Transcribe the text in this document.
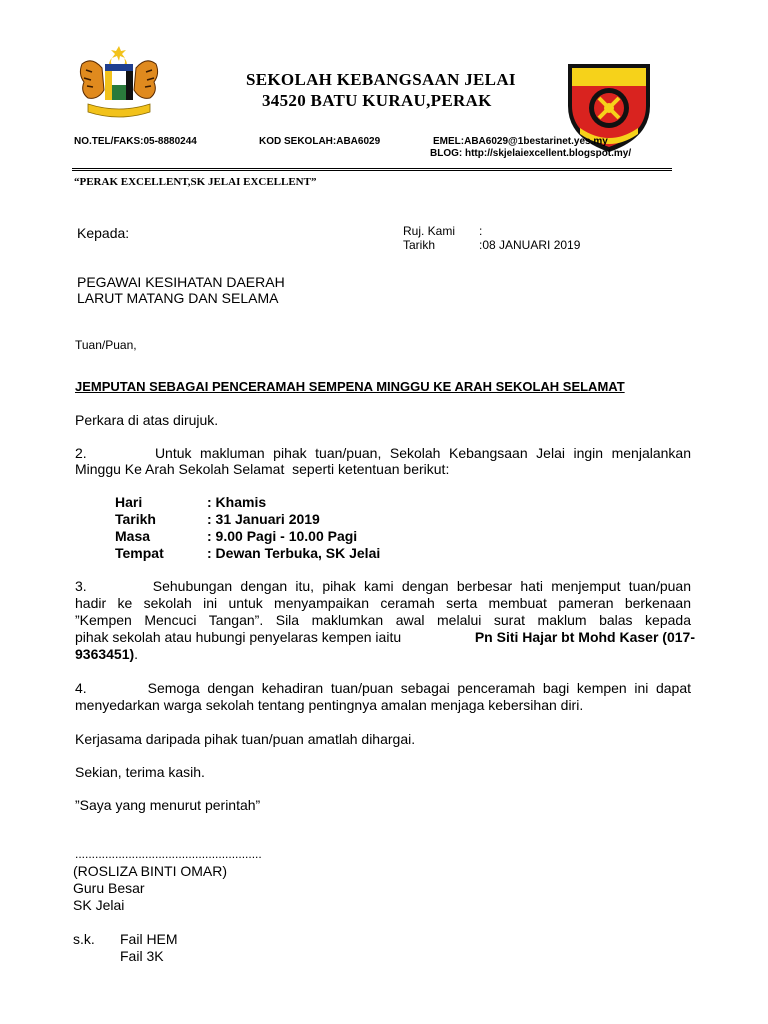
SEKOLAH KEBANGSAAN JELAI
34520 BATU KURAU,PERAK
NO.TEL/FAKS:05-8880244	KOD SEKOLAH:ABA6029	EMEL:ABA6029@1bestarinet.yes.my
BLOG: http://skjelaiexcellent.blogspot.my/
“PERAK EXCELLENT,SK JELAI EXCELLENT”
Kepada:	Ruj. Kami :
Tarikh	:08 JANUARI 2019
PEGAWAI KESIHATAN DAERAH
LARUT MATANG DAN SELAMA
Tuan/Puan,
JEMPUTAN SEBAGAI PENCERAMAH SEMPENA MINGGU KE ARAH SEKOLAH SELAMAT
Perkara di atas dirujuk.
2.        Untuk makluman pihak tuan/puan, Sekolah Kebangsaan Jelai ingin menjalankan
Minggu Ke Arah Sekolah Selamat  seperti ketentuan berikut:
Hari	: Khamis
Tarikh	: 31 Januari 2019
Masa	: 9.00 Pagi - 10.00 Pagi
Tempat	: Dewan Terbuka, SK Jelai
3.        Sehubungan dengan itu, pihak kami dengan berbesar hati menjemput tuan/puan
hadir ke sekolah ini untuk menyampaikan ceramah serta membuat pameran berkenaan
”Kempen Mencuci Tangan”. Sila maklumkan awal melalui surat maklum balas kepada
pihak sekolah atau hubungi penyelaras kempen iaitu	Pn Siti Hajar bt Mohd Kaser (017-
9363451).
4.        Semoga dengan kehadiran tuan/puan sebagai penceramah bagi kempen ini dapat
menyedarkan warga sekolah tentang pentingnya amalan menjaga kebersihan diri.
Kerjasama daripada pihak tuan/puan amatlah dihargai.
Sekian, terima kasih.
”Saya yang menurut perintah”
........................................................
(ROSLIZA BINTI OMAR)
Guru Besar
SK Jelai
s.k. Fail HEM
Fail 3K
